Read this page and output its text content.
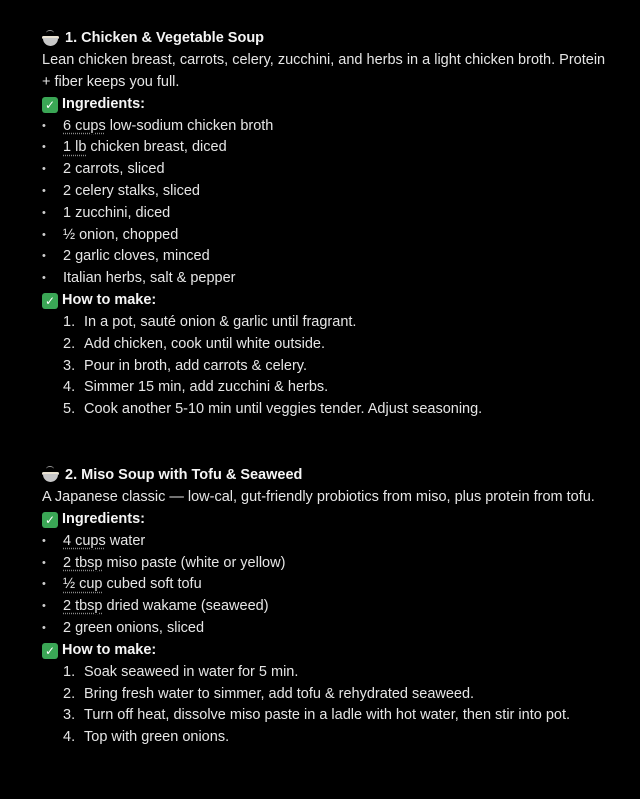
1. Chicken & Vegetable Soup

Lean chicken breast, carrots, celery, zucchini, and herbs in a light chicken broth. Protein + fiber keeps you full.

✓ Ingredients:
• 6 cups low-sodium chicken broth
• 1 lb chicken breast, diced
• 2 carrots, sliced
• 2 celery stalks, sliced
• 1 zucchini, diced
• ½ onion, chopped
• 2 garlic cloves, minced
• Italian herbs, salt & pepper
✓ How to make:
1. In a pot, sauté onion & garlic until fragrant.
2. Add chicken, cook until white outside.
3. Pour in broth, add carrots & celery.
4. Simmer 15 min, add zucchini & herbs.
5. Cook another 5-10 min until veggies tender. Adjust seasoning.
2. Miso Soup with Tofu & Seaweed

A Japanese classic — low-cal, gut-friendly probiotics from miso, plus protein from tofu.

✓ Ingredients:
• 4 cups water
• 2 tbsp miso paste (white or yellow)
• ½ cup cubed soft tofu
• 2 tbsp dried wakame (seaweed)
• 2 green onions, sliced
✓ How to make:
1. Soak seaweed in water for 5 min.
2. Bring fresh water to simmer, add tofu & rehydrated seaweed.
3. Turn off heat, dissolve miso paste in a ladle with hot water, then stir into pot.
4. Top with green onions.
